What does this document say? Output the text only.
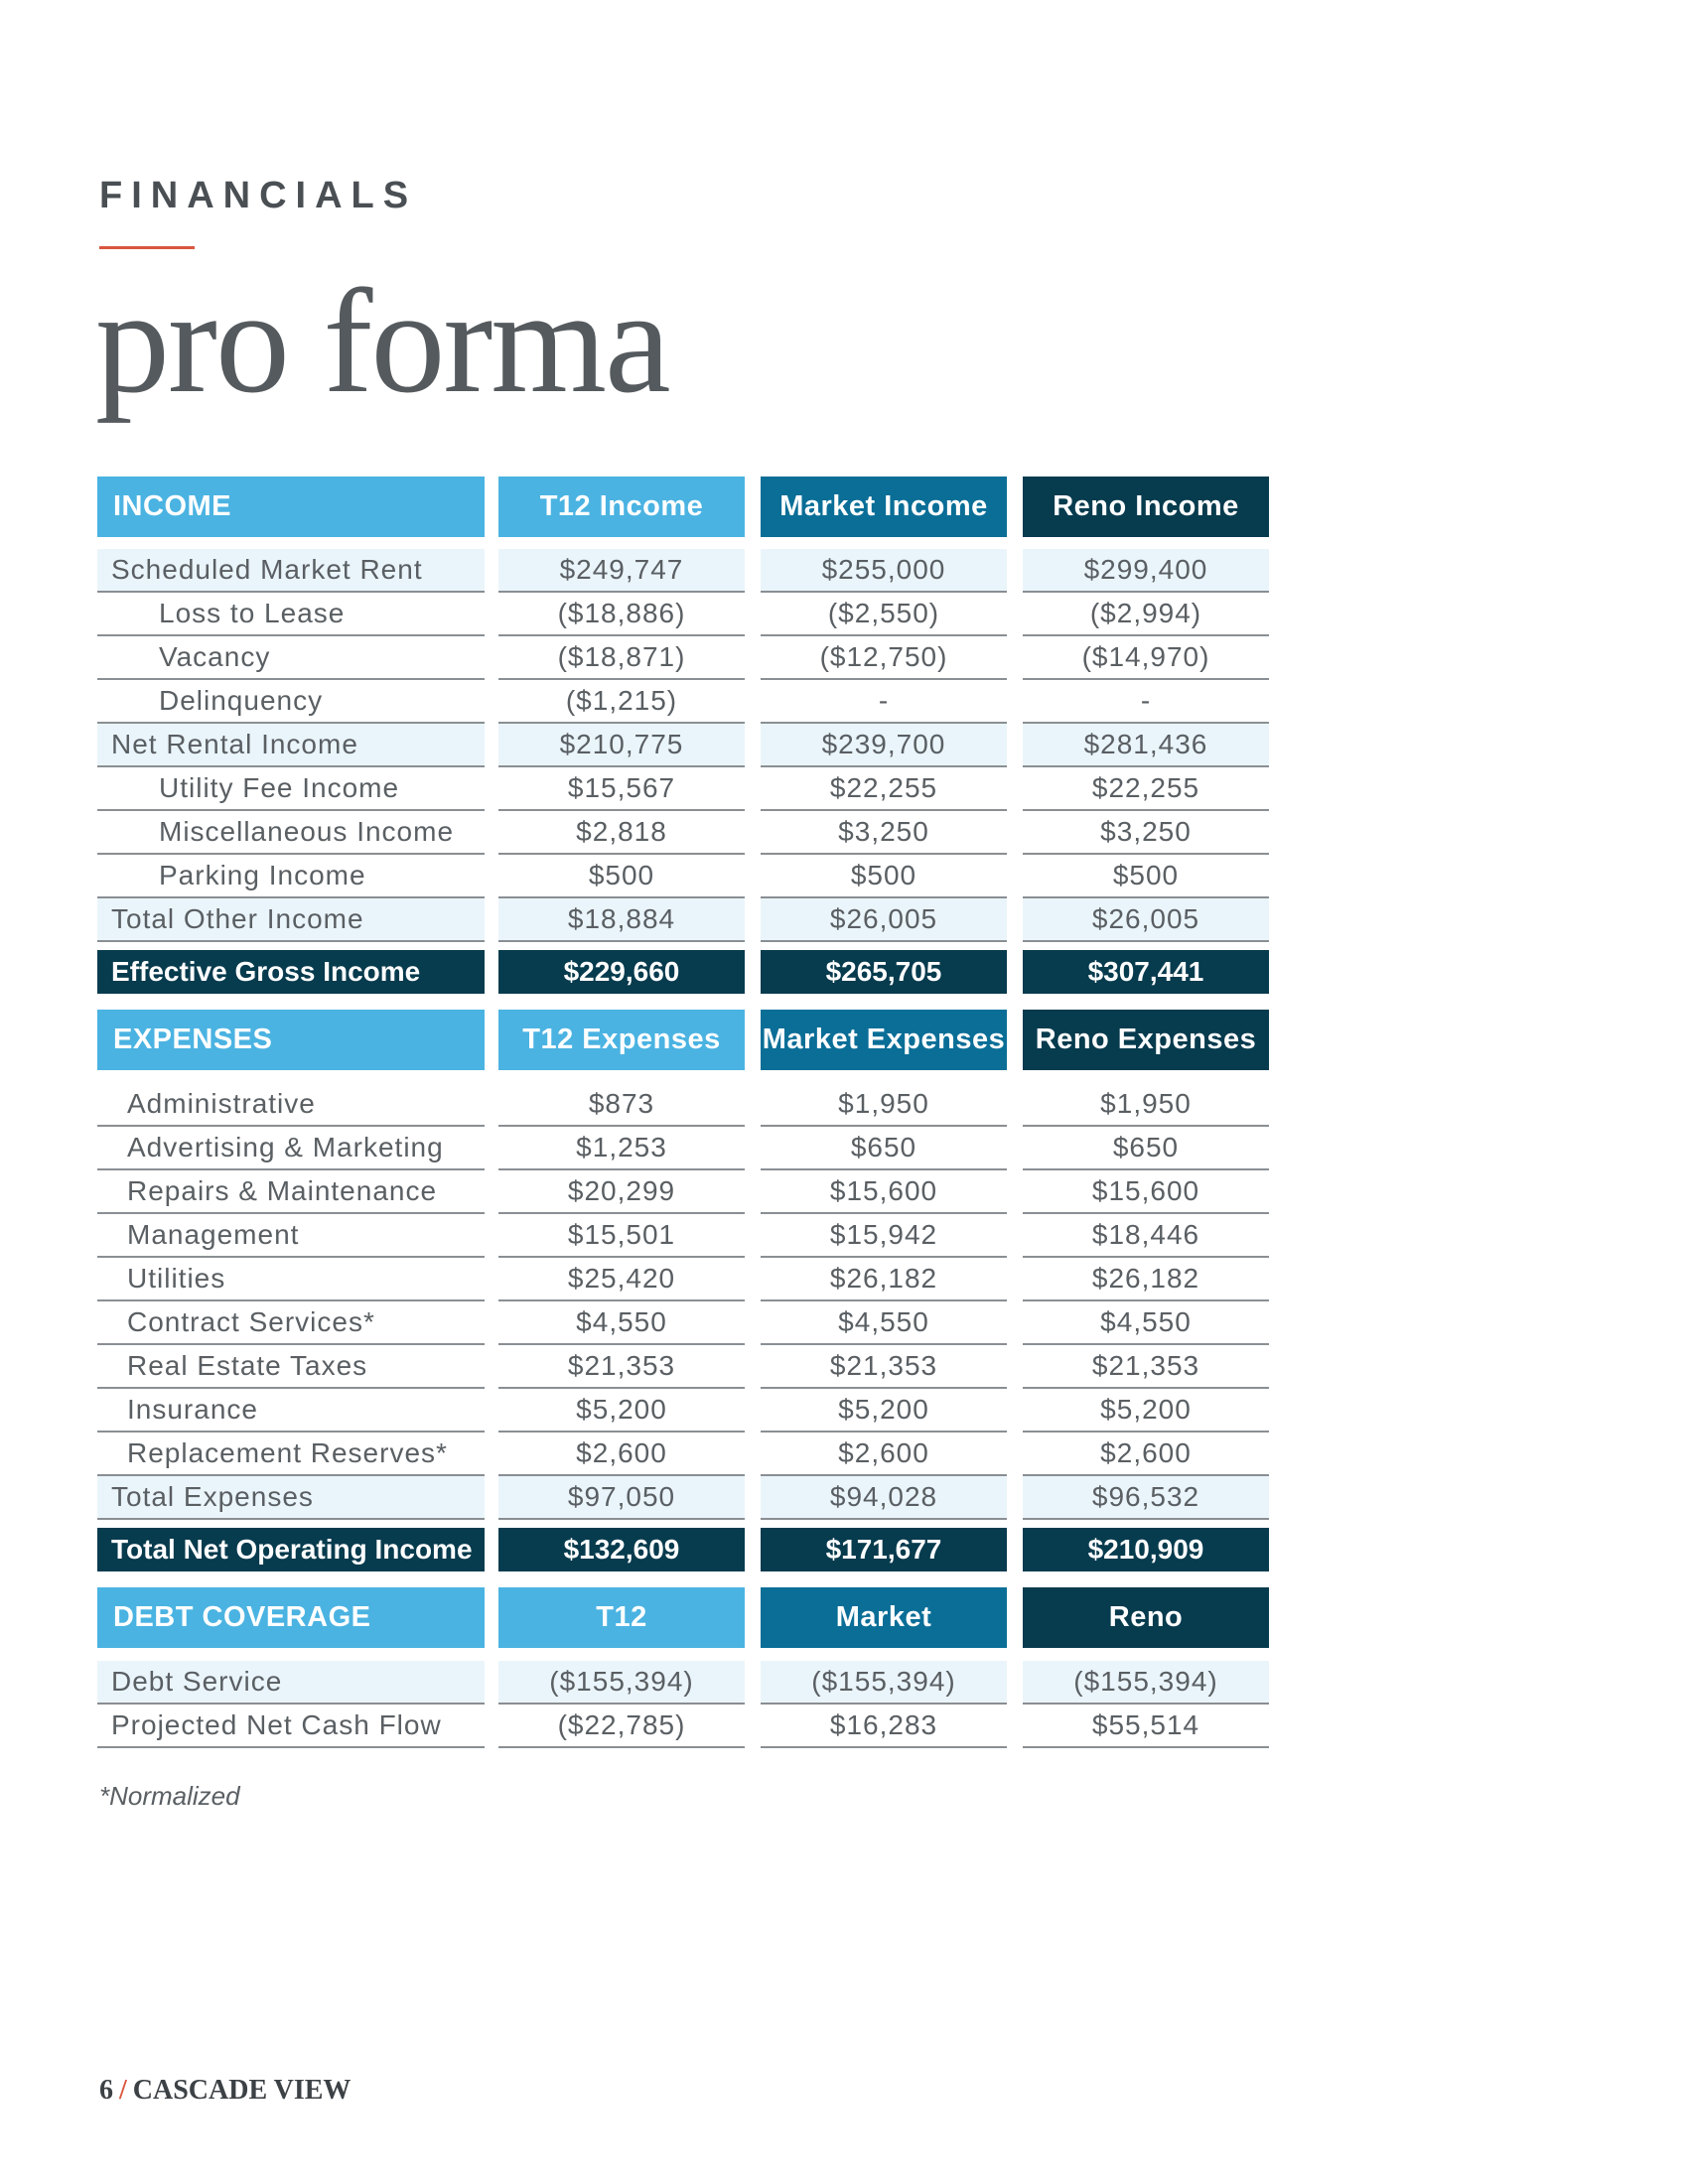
FINANCIALS
pro forma
INCOME	T12 Income	Market Income	Reno Income
Scheduled Market Rent	$249,747	$255,000	$299,400
Loss to Lease	($18,886)	($2,550)	($2,994)
Vacancy	($18,871)	($12,750)	($14,970)
Delinquency	($1,215)	-	-
Net Rental Income	$210,775	$239,700	$281,436
Utility Fee Income	$15,567	$22,255	$22,255
Miscellaneous Income	$2,818	$3,250	$3,250
Parking Income	$500	$500	$500
Total Other Income	$18,884	$26,005	$26,005
Effective Gross Income	$229,660	$265,705	$307,441
EXPENSES	T12 Expenses	Market Expenses	Reno Expenses
Administrative	$873	$1,950	$1,950
Advertising & Marketing	$1,253	$650	$650
Repairs & Maintenance	$20,299	$15,600	$15,600
Management	$15,501	$15,942	$18,446
Utilities	$25,420	$26,182	$26,182
Contract Services*	$4,550	$4,550	$4,550
Real Estate Taxes	$21,353	$21,353	$21,353
Insurance	$5,200	$5,200	$5,200
Replacement Reserves*	$2,600	$2,600	$2,600
Total Expenses	$97,050	$94,028	$96,532
Total Net Operating Income	$132,609	$171,677	$210,909
DEBT COVERAGE	T12	Market	Reno
Debt Service	($155,394)	($155,394)	($155,394)
Projected Net Cash Flow	($22,785)	$16,283	$55,514
*Normalized
6 / CASCADE VIEW
